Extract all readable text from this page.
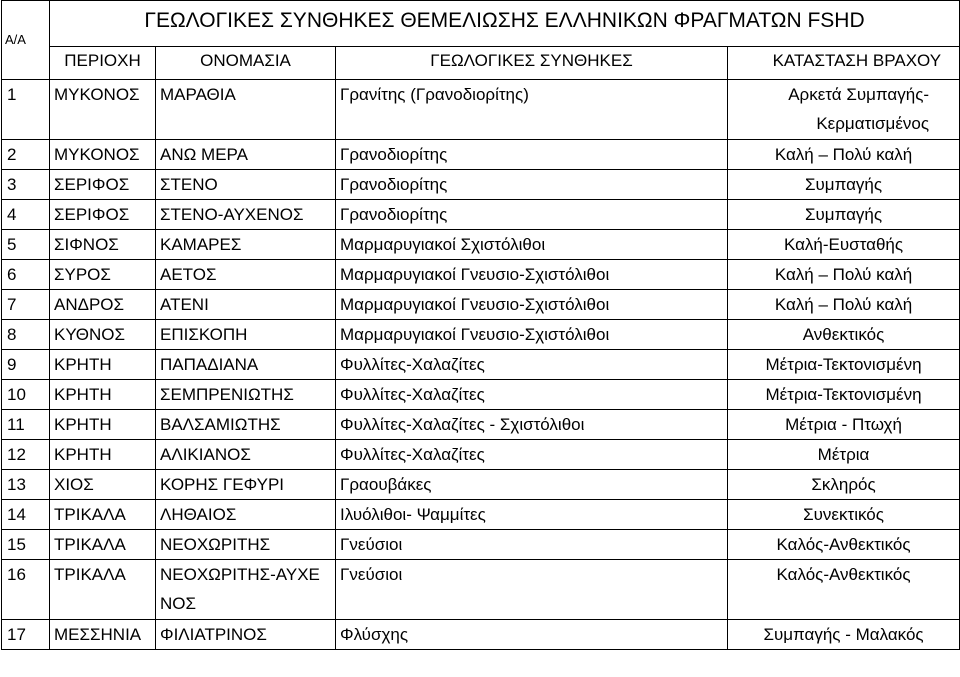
Α/Α	ΓΕΩΛΟΓΙΚΕΣ ΣΥΝΘΗΚΕΣ ΘΕΜΕΛΙΩΣΗΣ ΕΛΛΗΝΙΚΩΝ ΦΡΑΓΜΑΤΩΝ FSHD			
	ΠΕΡΙΟΧΗ	ΟΝΟΜΑΣΙΑ	ΓΕΩΛΟΓΙΚΕΣ ΣΥΝΘΗΚΕΣ	ΚΑΤΑΣΤΑΣΗ ΒΡΑΧΟΥ
1	ΜΥΚΟΝΟΣ	ΜΑΡΑΘΙΑ	Γρανίτης (Γρανοδιορίτης)	Αρκετά Συμπαγής-Κερματισμένος
2	ΜΥΚΟΝΟΣ	ΑΝΩ ΜΕΡΑ	Γρανοδιορίτης	Καλή – Πολύ καλή
3	ΣΕΡΙΦΟΣ	ΣΤΕΝΟ	Γρανοδιορίτης	Συμπαγής
4	ΣΕΡΙΦΟΣ	ΣΤΕΝΟ-ΑΥΧΕΝΟΣ	Γρανοδιορίτης	Συμπαγής
5	ΣΙΦΝΟΣ	ΚΑΜΑΡΕΣ	Μαρμαρυγιακοί Σχιστόλιθοι	Καλή-Ευσταθής
6	ΣΥΡΟΣ	ΑΕΤΟΣ	Μαρμαρυγιακοί Γνευσιο-Σχιστόλιθοι	Καλή – Πολύ καλή
7	ΑΝΔΡΟΣ	ΑΤΕΝΙ	Μαρμαρυγιακοί Γνευσιο-Σχιστόλιθοι	Καλή – Πολύ καλή
8	ΚΥΘΝΟΣ	ΕΠΙΣΚΟΠΗ	Μαρμαρυγιακοί Γνευσιο-Σχιστόλιθοι	Ανθεκτικός
9	ΚΡΗΤΗ	ΠΑΠΑΔΙΑΝΑ	Φυλλίτες-Χαλαζίτες	Μέτρια-Τεκτονισμένη
10	ΚΡΗΤΗ	ΣΕΜΠΡΕΝΙΩΤΗΣ	Φυλλίτες-Χαλαζίτες	Μέτρια-Τεκτονισμένη
11	ΚΡΗΤΗ	ΒΑΛΣΑΜΙΩΤΗΣ	Φυλλίτες-Χαλαζίτες - Σχιστόλιθοι	Μέτρια - Πτωχή
12	ΚΡΗΤΗ	ΑΛΙΚΙΑΝΟΣ	Φυλλίτες-Χαλαζίτες	Μέτρια
13	ΧΙΟΣ	ΚΟΡΗΣ ΓΕΦΥΡΙ	Γραουβάκες	Σκληρός
14	ΤΡΙΚΑΛΑ	ΛΗΘΑΙΟΣ	Ιλυόλιθοι- Ψαμμίτες	Συνεκτικός
15	ΤΡΙΚΑΛΑ	ΝΕΟΧΩΡΙΤΗΣ	Γνεύσιοι	Καλός-Ανθεκτικός
16	ΤΡΙΚΑΛΑ	ΝΕΟΧΩΡΙΤΗΣ-ΑΥΧΕΝΟΣ	Γνεύσιοι	Καλός-Ανθεκτικός
17	ΜΕΣΣΗΝΙΑ	ΦΙΛΙΑΤΡΙΝΟΣ	Φλύσχης	Συμπαγής - Μαλακός
